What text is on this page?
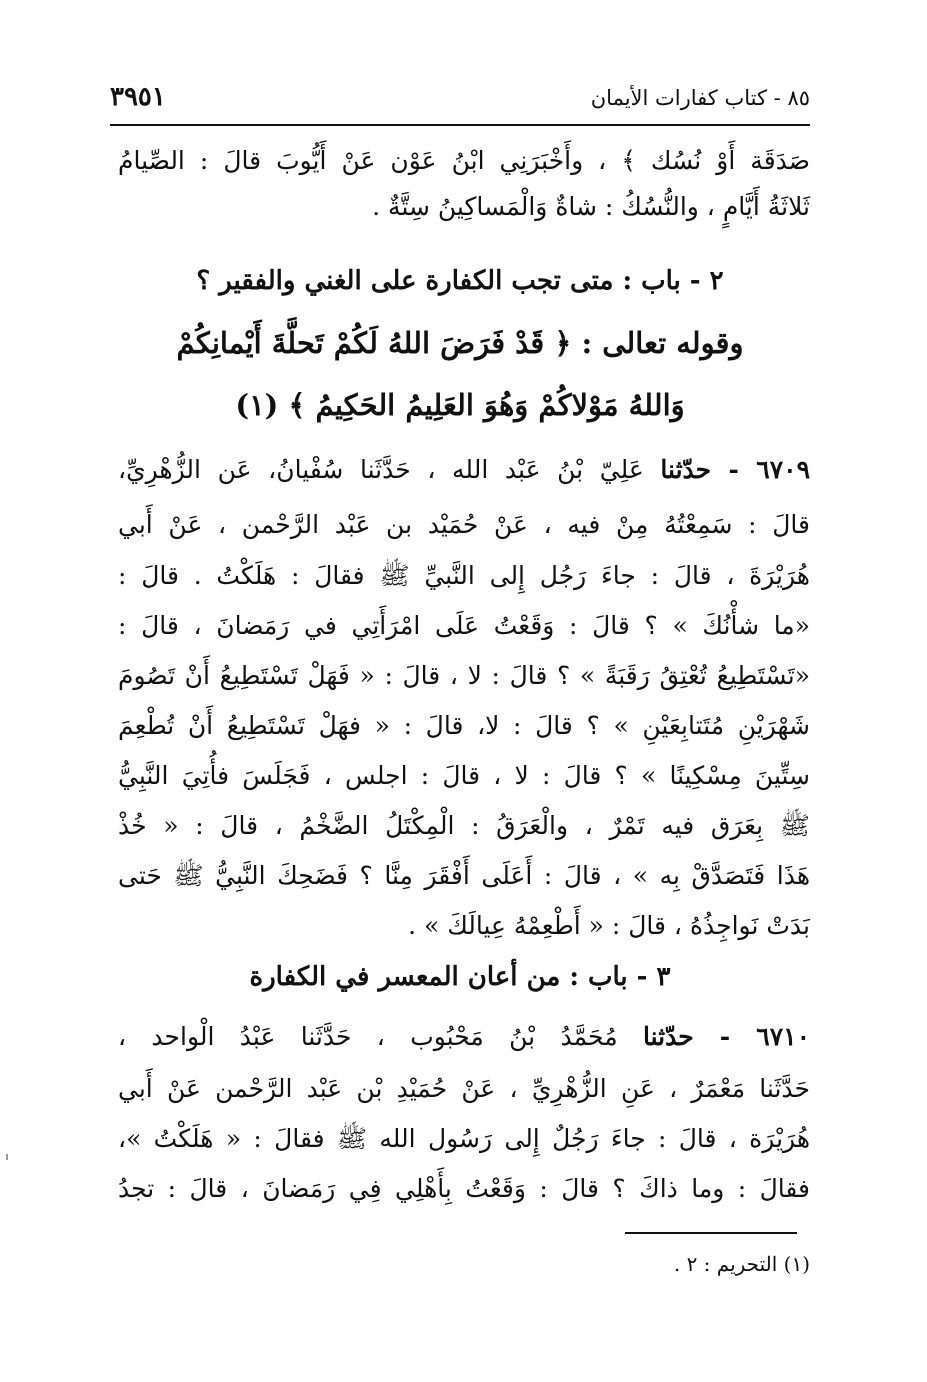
٨٥ - كتاب كفارات الأيمان
٣٩٥١
صَدَقَة أَوْ نُسُك ﴾ ، وأَخْبَرَنِي ابْنُ عَوْن عَنْ أَيُّوبَ قالَ : الصِّيامُ
ثَلاثَةُ أَيَّامٍ ، والنُّسُكُ : شاةٌ وَالْمَساكِينُ سِتَّةٌ .
٢ - باب : متى تجب الكفارة على الغني والفقير ؟
وقوله تعالى : ﴿ قَدْ فَرَضَ اللهُ لَكُمْ تَحلَّةَ أَيْمانِكُمْ
وَاللهُ مَوْلاكُمْ وَهُوَ العَلِيمُ الحَكِيمُ ﴾ (١)
٦٧٠٩ - حدّثنا عَلِيّ بْنُ عَبْد الله ، حَدَّثَنا سُفْيانُ، عَن الزُّهْرِيِّ،
قالَ : سَمِعْتُهُ مِنْ فيه ، عَنْ حُمَيْد بن عَبْد الرَّحْمن ، عَنْ أَبي
هُرَيْرَةَ ، قالَ : جاءَ رَجُل إِلى النَّبيِّ ﷺ فقالَ : هَلَكْتُ . قالَ :
«ما شأْنُكَ » ؟ قالَ : وَقَعْتُ عَلَى امْرَأَتِي في رَمَضانَ ، قالَ :
«تَسْتَطِيعُ تُعْتِقُ رَقَبَةً » ؟ قالَ : لا ، قالَ : « فَهَلْ تَسْتَطِيعُ أَنْ تَصُومَ
شَهْرَيْنِ مُتَتابِعَيْنِ » ؟ قالَ : لا، قالَ : « فهَلْ تَسْتَطِيعُ أَنْ تُطْعِمَ
سِتِّينَ مِسْكِينًا » ؟ قالَ : لا ، قالَ : اجلس ، فَجَلَسَ فأُتِيَ النَّبِيُّ
ﷺ بِعَرَق فيه تَمْرٌ ، والْعَرَقُ : الْمِكْتَلُ الضَّخْمُ ، قالَ : « خُذْ
هَذَا فَتَصَدَّقْ بِه » ، قالَ : أَعَلَى أَفْقَرَ مِنَّا ؟ فَضَحِكَ النَّبِيُّ ﷺ حَتى
بَدَتْ نَواجِذُهُ ، قالَ : « أَطْعِمْهُ عِيالَكَ » .
٣ - باب : من أعان المعسر في الكفارة
٦٧١٠ - حدّثنا مُحَمَّدُ بْنُ مَحْبُوب ، حَدَّثَنا عَبْدُ الْواحد ،
حَدَّثَنا مَعْمَرٌ ، عَنِ الزُّهْرِيِّ ، عَنْ حُمَيْدِ بْن عَبْد الرَّحْمن عَنْ أَبي
هُرَيْرَة ، قالَ : جاءَ رَجُلٌ إِلى رَسُول الله ﷺ فقالَ : « هَلَكْتُ »،
فقالَ : وما ذاكَ ؟ قالَ : وَقَعْتُ بِأَهْلِي فِي رَمَضانَ ، قالَ : تجدُ
(١) التحريم : ٢ .
